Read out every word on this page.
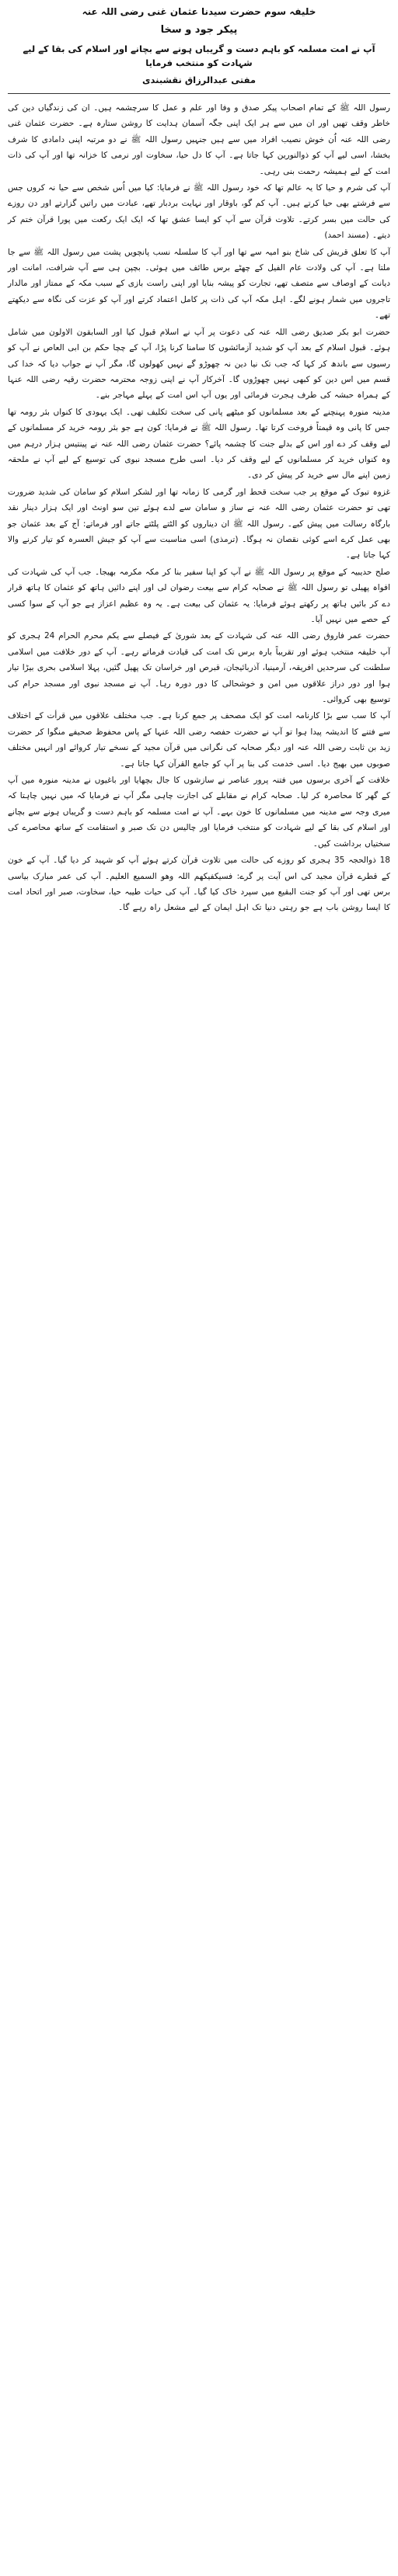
خلیفہ سوم حضرت سیدنا عثمان غنی رضی اللہ عنہ
پیکر جود و سخا
آپ نے امت مسلمہ کو باہم دست و گریباں ہونے سے بچانے اور اسلام کی بقا کے لیے شہادت کو منتخب فرمایا
مفتی عبدالرزاق نقشبندی

رسول اللہ ﷺ کے تمام اصحاب پیکر صدق و وفا اور علم و عمل کا سرچشمہ ہیں۔ ان کی زندگیاں دین کی خاطر وقف تھیں اور ان میں سے ہر ایک اپنی جگہ آسمان ہدایت کا روشن ستارہ ہے۔ حضرت عثمان غنی رضی اللہ عنہ اُن خوش نصیب افراد میں سے ہیں جنہیں رسول اللہ ﷺ نے دو مرتبہ اپنی دامادی کا شرف بخشا، اسی لیے آپ کو ذوالنورین کہا جاتا ہے۔ آپ کا دل حیا، سخاوت اور نرمی کا خزانہ تھا اور آپ کی ذات امت کے لیے ہمیشہ رحمت بنی رہی۔

آپ کی شرم و حیا کا یہ عالم تھا کہ خود رسول اللہ ﷺ نے فرمایا: کیا میں اُس شخص سے حیا نہ کروں جس سے فرشتے بھی حیا کرتے ہیں۔ آپ کم گو، باوقار اور نہایت بردبار تھے، عبادت میں راتیں گزارتے اور دن روزے کی حالت میں بسر کرتے۔ تلاوت قرآن سے آپ کو ایسا عشق تھا کہ ایک ایک رکعت میں پورا قرآن ختم کر دیتے۔ (مسند احمد)

آپ کا تعلق قریش کی شاخ بنو امیہ سے تھا اور آپ کا سلسلہ نسب پانچویں پشت میں رسول اللہ ﷺ سے جا ملتا ہے۔ آپ کی ولادت عام الفیل کے چھٹے برس طائف میں ہوئی۔ بچپن ہی سے آپ شرافت، امانت اور دیانت کے اوصاف سے متصف تھے، تجارت کو پیشہ بنایا اور اپنی راست بازی کے سبب مکہ کے ممتاز اور مالدار تاجروں میں شمار ہونے لگے۔ اہل مکہ آپ کی ذات پر کامل اعتماد کرتے اور آپ کو عزت کی نگاہ سے دیکھتے تھے۔

حضرت ابو بکر صدیق رضی اللہ عنہ کی دعوت پر آپ نے اسلام قبول کیا اور السابقون الاولون میں شامل ہوئے۔ قبول اسلام کے بعد آپ کو شدید آزمائشوں کا سامنا کرنا پڑا، آپ کے چچا حکم بن ابی العاص نے آپ کو رسیوں سے باندھ کر کہا کہ جب تک نیا دین نہ چھوڑو گے نہیں کھولوں گا، مگر آپ نے جواب دیا کہ خدا کی قسم میں اس دین کو کبھی نہیں چھوڑوں گا۔ آخرکار آپ نے اپنی زوجہ محترمہ حضرت رقیہ رضی اللہ عنہا کے ہمراہ حبشہ کی طرف ہجرت فرمائی اور یوں آپ اس امت کے پہلے مہاجر بنے۔

مدینہ منورہ پہنچنے کے بعد مسلمانوں کو میٹھے پانی کی سخت تکلیف تھی۔ ایک یہودی کا کنواں بئر رومہ تھا جس کا پانی وہ قیمتاً فروخت کرتا تھا۔ رسول اللہ ﷺ نے فرمایا: کون ہے جو بئر رومہ خرید کر مسلمانوں کے لیے وقف کر دے اور اس کے بدلے جنت کا چشمہ پائے؟ حضرت عثمان رضی اللہ عنہ نے پینتیس ہزار درہم میں وہ کنواں خرید کر مسلمانوں کے لیے وقف کر دیا۔ اسی طرح مسجد نبوی کی توسیع کے لیے آپ نے ملحقہ زمین اپنے مال سے خرید کر پیش کر دی۔

غزوہ تبوک کے موقع پر جب سخت قحط اور گرمی کا زمانہ تھا اور لشکر اسلام کو سامان کی شدید ضرورت تھی تو حضرت عثمان رضی اللہ عنہ نے ساز و سامان سے لدے ہوئے تین سو اونٹ اور ایک ہزار دینار نقد بارگاہ رسالت میں پیش کیے۔ رسول اللہ ﷺ ان دیناروں کو الٹتے پلٹتے جاتے اور فرماتے: آج کے بعد عثمان جو بھی عمل کرے اسے کوئی نقصان نہ ہوگا۔ (ترمذی) اسی مناسبت سے آپ کو جیش العسرہ کو تیار کرنے والا کہا جاتا ہے۔

صلح حدیبیہ کے موقع پر رسول اللہ ﷺ نے آپ کو اپنا سفیر بنا کر مکہ مکرمہ بھیجا۔ جب آپ کی شہادت کی افواہ پھیلی تو رسول اللہ ﷺ نے صحابہ کرام سے بیعت رضوان لی اور اپنے دائیں ہاتھ کو عثمان کا ہاتھ قرار دے کر بائیں ہاتھ پر رکھتے ہوئے فرمایا: یہ عثمان کی بیعت ہے۔ یہ وہ عظیم اعزاز ہے جو آپ کے سوا کسی کے حصے میں نہیں آیا۔

حضرت عمر فاروق رضی اللہ عنہ کی شہادت کے بعد شوریٰ کے فیصلے سے یکم محرم الحرام 24 ہجری کو آپ خلیفہ منتخب ہوئے اور تقریباً بارہ برس تک امت کی قیادت فرماتے رہے۔ آپ کے دور خلافت میں اسلامی سلطنت کی سرحدیں افریقہ، آرمینیا، آذربائیجان، قبرص اور خراسان تک پھیل گئیں، پہلا اسلامی بحری بیڑا تیار ہوا اور دور دراز علاقوں میں امن و خوشحالی کا دور دورہ رہا۔ آپ نے مسجد نبوی اور مسجد حرام کی توسیع بھی کروائی۔

آپ کا سب سے بڑا کارنامہ امت کو ایک مصحف پر جمع کرنا ہے۔ جب مختلف علاقوں میں قرأت کے اختلاف سے فتنے کا اندیشہ پیدا ہوا تو آپ نے حضرت حفصہ رضی اللہ عنہا کے پاس محفوظ صحیفے منگوا کر حضرت زید بن ثابت رضی اللہ عنہ اور دیگر صحابہ کی نگرانی میں قرآن مجید کے نسخے تیار کروائے اور انہیں مختلف صوبوں میں بھیج دیا۔ اسی خدمت کی بنا پر آپ کو جامع القرآن کہا جاتا ہے۔

خلافت کے آخری برسوں میں فتنہ پرور عناصر نے سازشوں کا جال بچھایا اور باغیوں نے مدینہ منورہ میں آپ کے گھر کا محاصرہ کر لیا۔ صحابہ کرام نے مقابلے کی اجازت چاہی مگر آپ نے فرمایا کہ میں نہیں چاہتا کہ میری وجہ سے مدینہ میں مسلمانوں کا خون بہے۔ آپ نے امت مسلمہ کو باہم دست و گریباں ہونے سے بچانے اور اسلام کی بقا کے لیے شہادت کو منتخب فرمایا اور چالیس دن تک صبر و استقامت کے ساتھ محاصرے کی سختیاں برداشت کیں۔

18 ذوالحجہ 35 ہجری کو روزے کی حالت میں تلاوت قرآن کرتے ہوئے آپ کو شہید کر دیا گیا۔ آپ کے خون کے قطرے قرآن مجید کی اس آیت پر گرے: فسیکفیکھم اللہ وھو السمیع العلیم۔ آپ کی عمر مبارک بیاسی برس تھی اور آپ کو جنت البقیع میں سپرد خاک کیا گیا۔ آپ کی حیات طیبہ حیا، سخاوت، صبر اور اتحاد امت کا ایسا روشن باب ہے جو رہتی دنیا تک اہل ایمان کے لیے مشعل راہ رہے گا۔
